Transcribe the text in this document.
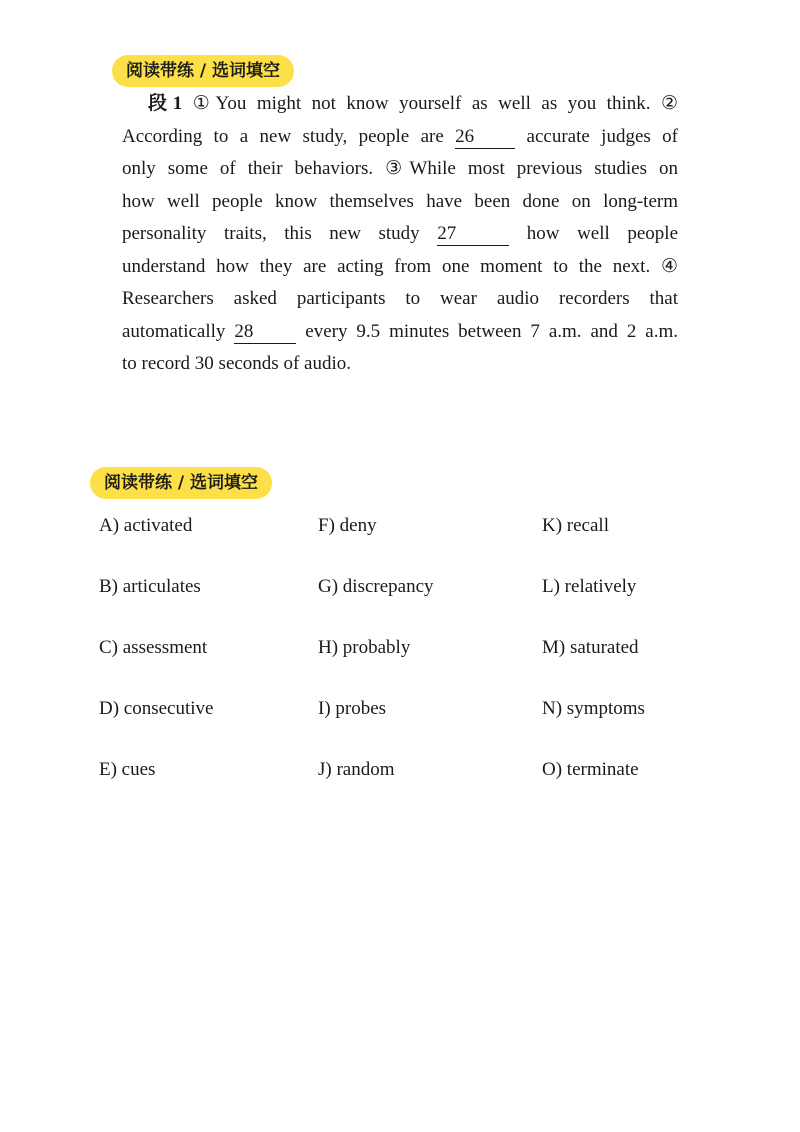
阅读带练 / 选词填空
段1 ①You might not know yourself as well as you think. ②
According to a new study, people are 26 accurate judges of
only some of their behaviors. ③While most previous studies on
how well people know themselves have been done on long-term
personality traits, this new study 27	how well people
understand how they are acting from one moment to the next. ④
Researchers asked participants to wear audio recorders that
automatically 28 every 9.5 minutes between 7 a.m. and 2 a.m.
to record 30 seconds of audio.
阅读带练 / 选词填空
A) activated	F) deny	K) recall
B) articulates	G) discrepancy	L) relatively
C) assessment	H) probably	M) saturated
D) consecutive	I) probes	N) symptoms
E) cues	J) random	O) terminate
